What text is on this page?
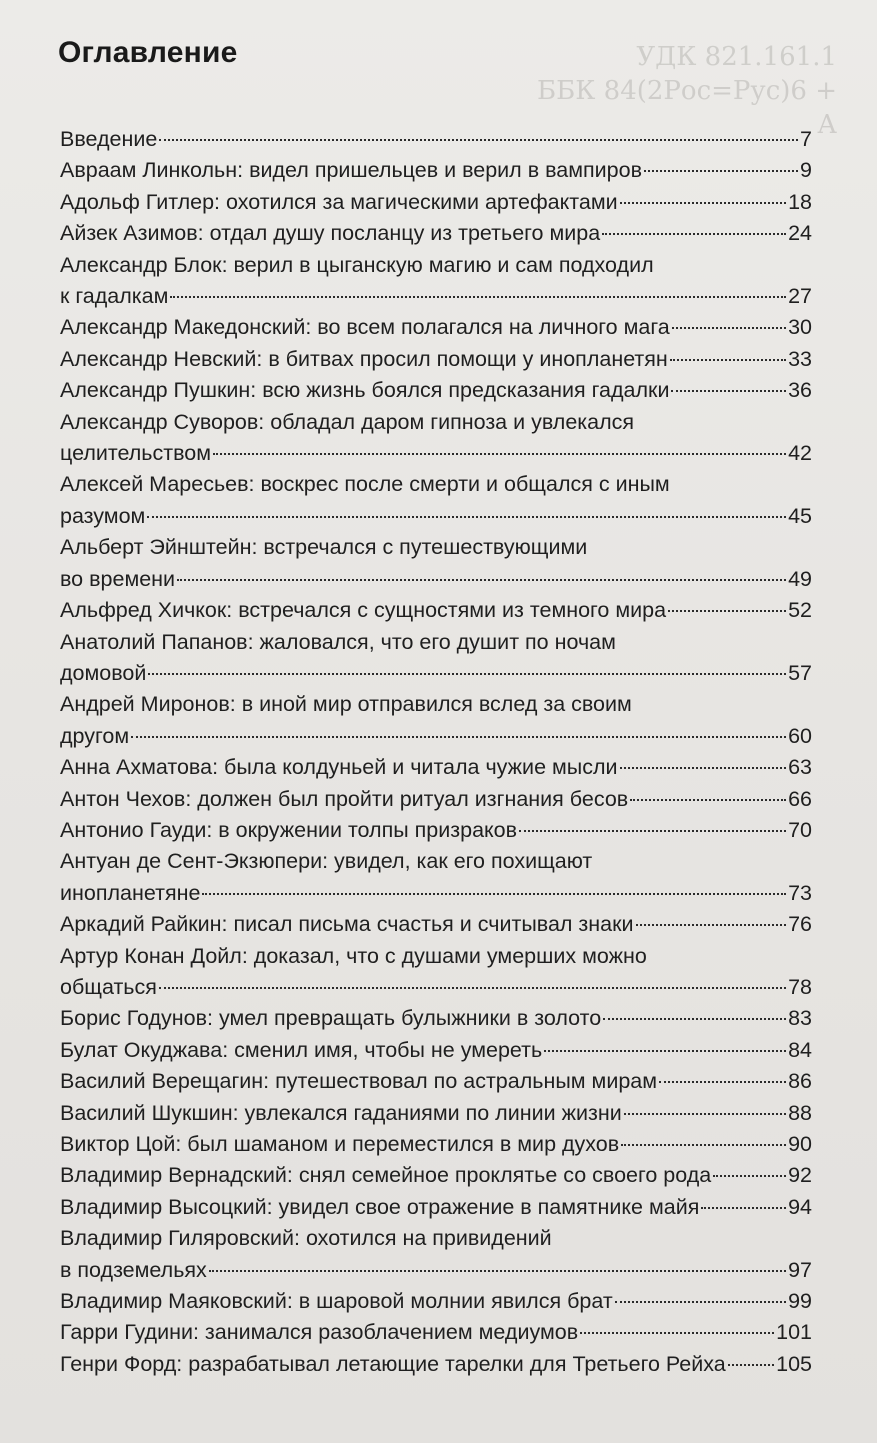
УДК 821.161.1
ББК 84(2Рос=Рус)6 +
А
Оглавление
Введение	7
Авраам Линкольн: видел пришельцев и верил в вампиров	9
Адольф Гитлер: охотился за магическими артефактами	18
Айзек Азимов: отдал душу посланцу из третьего мира	24
Александр Блок: верил в цыганскую магию и сам подходил
к гадалкам	27
Александр Македонский: во всем полагался на личного мага	30
Александр Невский: в битвах просил помощи у инопланетян	33
Александр Пушкин: всю жизнь боялся предсказания гадалки	36
Александр Суворов: обладал даром гипноза и увлекался
целительством	42
Алексей Маресьев: воскрес после смерти и общался с иным
разумом	45
Альберт Эйнштейн: встречался с путешествующими
во времени	49
Альфред Хичкок: встречался с сущностями из темного мира	52
Анатолий Папанов: жаловался, что его душит по ночам
домовой	57
Андрей Миронов: в иной мир отправился вслед за своим
другом	60
Анна Ахматова: была колдуньей и читала чужие мысли	63
Антон Чехов: должен был пройти ритуал изгнания бесов	66
Антонио Гауди: в окружении толпы призраков	70
Антуан де Сент-Экзюпери: увидел, как его похищают
инопланетяне	73
Аркадий Райкин: писал письма счастья и считывал знаки	76
Артур Конан Дойл: доказал, что с душами умерших можно
общаться	78
Борис Годунов: умел превращать булыжники в золото	83
Булат Окуджава: сменил имя, чтобы не умереть	84
Василий Верещагин: путешествовал по астральным мирам	86
Василий Шукшин: увлекался гаданиями по линии жизни	88
Виктор Цой: был шаманом и переместился в мир духов	90
Владимир Вернадский: снял семейное проклятье со своего рода	92
Владимир Высоцкий: увидел свое отражение в памятнике майя	94
Владимир Гиляровский: охотился на привидений
в подземельях	97
Владимир Маяковский: в шаровой молнии явился брат	99
Гарри Гудини: занимался разоблачением медиумов	101
Генри Форд: разрабатывал летающие тарелки для Третьего Рейха 105
